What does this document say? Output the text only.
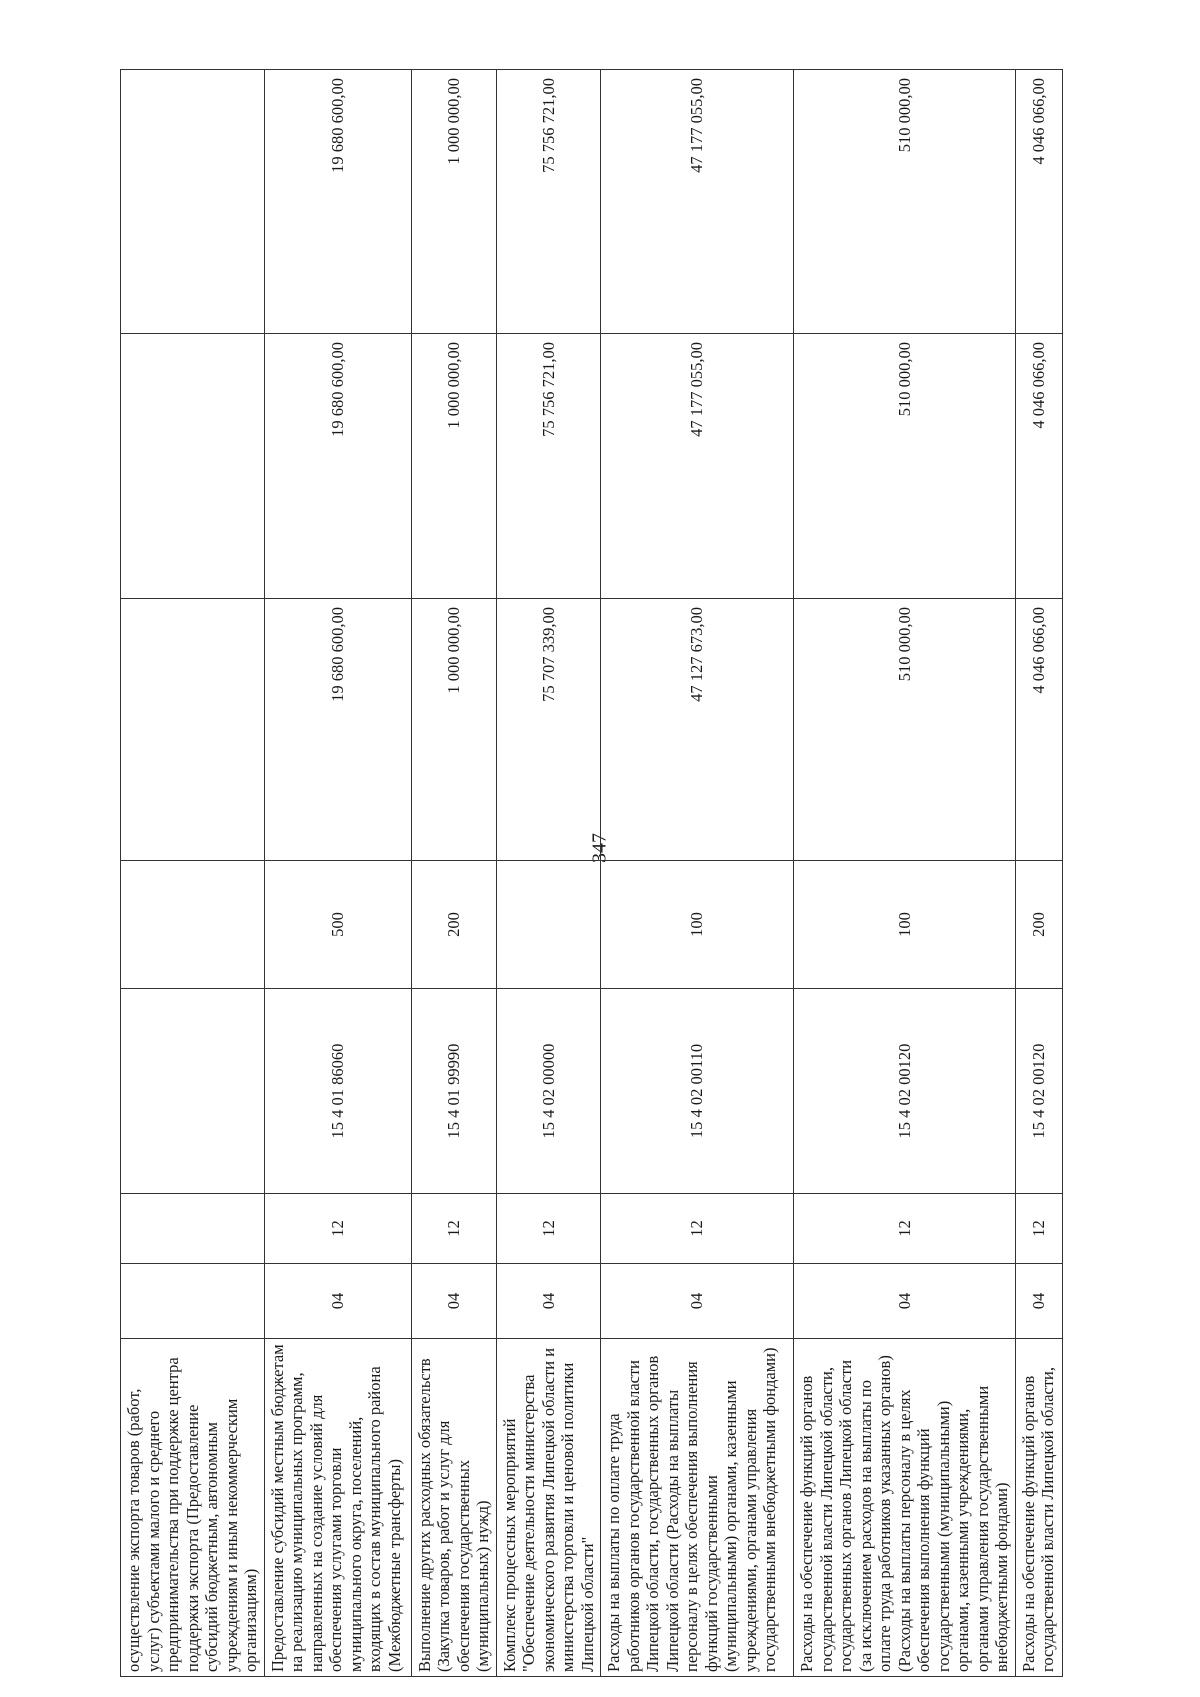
347
осуществление экспорта товаров (работ, услуг) субъектами малого и среднего предпринимательства при поддержке центра поддержки экспорта (Предоставление субсидий бюджетным, автономным учреждениям и иным некоммерческим организациям)							
Предоставление субсидий местным бюджетам на реализацию муниципальных программ, направленных на создание условий для обеспечения услугами торговли муниципального округа, поселений, входящих в состав муниципального района (Межбюджетные трансферты)	04	12	15 4 01 86060	500	19 680 600,00	19 680 600,00	19 680 600,00
Выполнение других расходных обязательств (Закупка товаров, работ и услуг для обеспечения государственных (муниципальных) нужд)	04	12	15 4 01 99990	200	1 000 000,00	1 000 000,00	1 000 000,00
Комплекс процессных мероприятий "Обеспечение деятельности министерства экономического развития Липецкой области и министерства торговли и ценовой политики Липецкой области"	04	12	15 4 02 00000		75 707 339,00	75 756 721,00	75 756 721,00
Расходы на выплаты по оплате труда работников органов государственной власти Липецкой области, государственных органов Липецкой области (Расходы на выплаты персоналу в целях обеспечения выполнения функций государственными (муниципальными) органами, казенными учреждениями, органами управления государственными внебюджетными фондами)	04	12	15 4 02 00110	100	47 127 673,00	47 177 055,00	47 177 055,00
Расходы на обеспечение функций органов государственной власти Липецкой области, государственных органов Липецкой области (за исключением расходов на выплаты по оплате труда работников указанных органов) (Расходы на выплаты персоналу в целях обеспечения выполнения функций государственными (муниципальными) органами, казенными учреждениями, органами управления государственными внебюджетными фондами)	04	12	15 4 02 00120	100	510 000,00	510 000,00	510 000,00
Расходы на обеспечение функций органов государственной власти Липецкой области,	04	12	15 4 02 00120	200	4 046 066,00	4 046 066,00	4 046 066,00
